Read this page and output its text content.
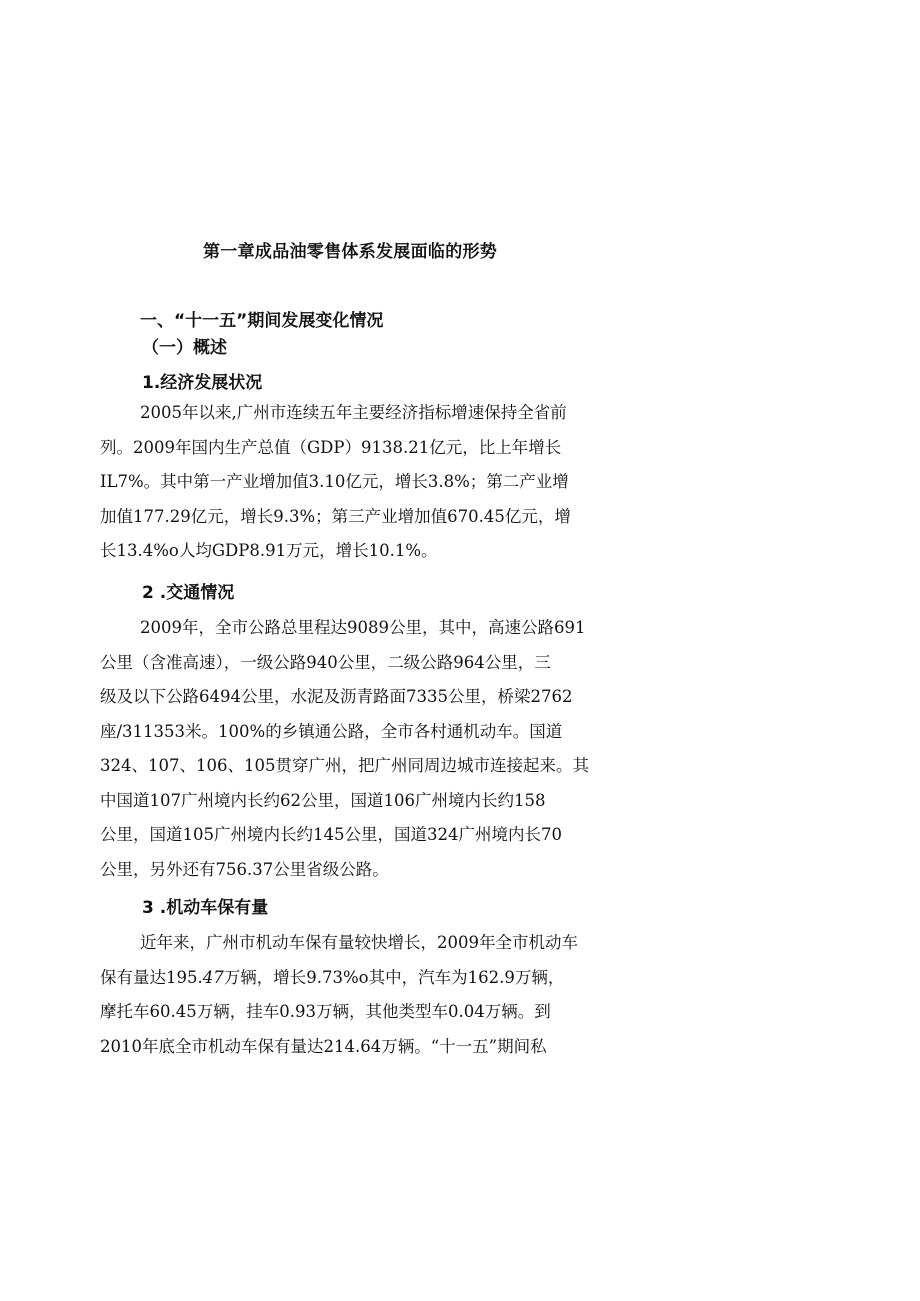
第一章成品油零售体系发展面临的形势
一、“十一五”期间发展变化情况
（一）概述
1.经济发展状况
2005年以来,广州市连续五年主要经济指标增速保持全省前
列。2009年国内生产总值（GDP）9138.21亿元，比上年增长
IL7%。其中第一产业增加值3.10亿元，增长3.8%；第二产业增
加值177.29亿元，增长9.3%；第三产业增加值670.45亿元，增
长13.4%o人均GDP8.91万元，增长10.1%。
2 .交通情况
2009年，全市公路总里程达9089公里，其中，高速公路691
公里（含准高速），一级公路940公里，二级公路964公里，三
级及以下公路6494公里，水泥及沥青路面7335公里，桥梁2762
座/311353米。100%的乡镇通公路，全市各村通机动车。国道
324、107、106、105贯穿广州，把广州同周边城市连接起来。其
中国道107广州境内长约62公里，国道106广州境内长约158
公里，国道105广州境内长约145公里，国道324广州境内长70
公里，另外还有756.37公里省级公路。
3 .机动车保有量
近年来，广州市机动车保有量较快增长，2009年全市机动车
保有量达195.47万辆，增长9.73%o其中，汽车为162.9万辆，
摩托车60.45万辆，挂车0.93万辆，其他类型车0.04万辆。到
2010年底全市机动车保有量达214.64万辆。“十一五”期间私
